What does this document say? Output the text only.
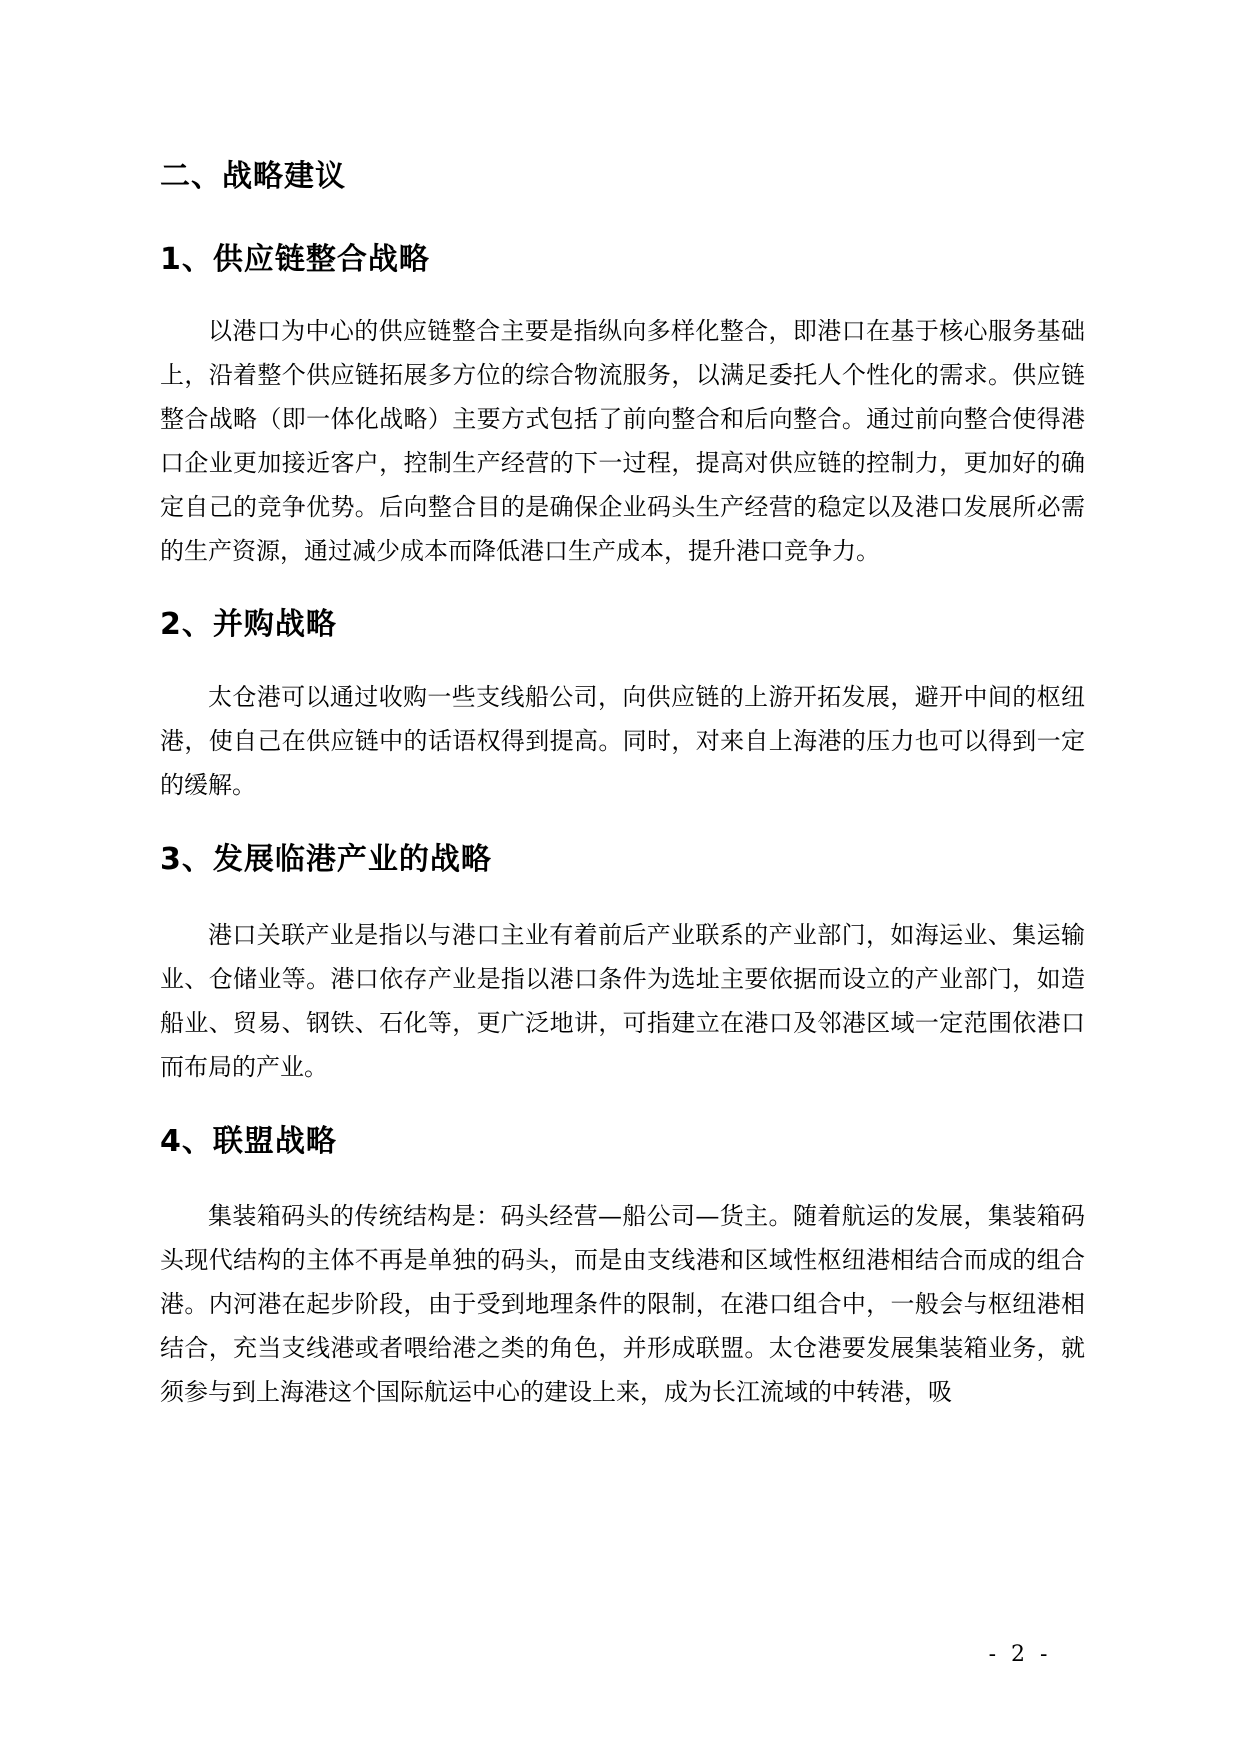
二、战略建议
1、供应链整合战略

以港口为中心的供应链整合主要是指纵向多样化整合，即港口在基于核心服务基础上，沿着整个供应链拓展多方位的综合物流服务，以满足委托人个性化的需求。供应链整合战略（即一体化战略）主要方式包括了前向整合和后向整合。通过前向整合使得港口企业更加接近客户，控制生产经营的下一过程，提高对供应链的控制力，更加好的确定自己的竞争优势。后向整合目的是确保企业码头生产经营的稳定以及港口发展所必需的生产资源，通过减少成本而降低港口生产成本，提升港口竞争力。

2、并购战略

太仓港可以通过收购一些支线船公司，向供应链的上游开拓发展，避开中间的枢纽港，使自己在供应链中的话语权得到提高。同时，对来自上海港的压力也可以得到一定的缓解。

3、发展临港产业的战略

港口关联产业是指以与港口主业有着前后产业联系的产业部门，如海运业、集运输业、仓储业等。港口依存产业是指以港口条件为选址主要依据而设立的产业部门，如造船业、贸易、钢铁、石化等，更广泛地讲，可指建立在港口及邻港区域一定范围依港口而布局的产业。

4、联盟战略

集装箱码头的传统结构是：码头经营—船公司—货主。随着航运的发展，集装箱码头现代结构的主体不再是单独的码头，而是由支线港和区域性枢纽港相结合而成的组合港。内河港在起步阶段，由于受到地理条件的限制，在港口组合中，一般会与枢纽港相结合，充当支线港或者喂给港之类的角色，并形成联盟。太仓港要发展集装箱业务，就须参与到上海港这个国际航运中心的建设上来，成为长江流域的中转港，吸

- 2 -
